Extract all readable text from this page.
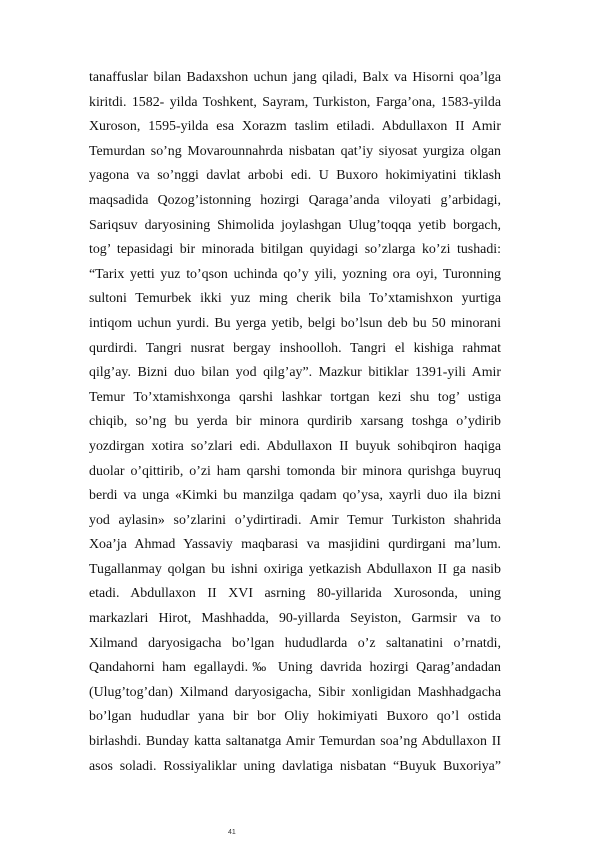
tanaffuslar bilan Badaxshon uchun jang qiladi, Balx va Hisorni qoa’lga
kiritdi. 1582- yilda Toshkent, Sayram, Turkiston, Farga’ona, 1583-yilda
Xuroson, 1595-yilda esa Xorazm taslim etiladi. Abdullaxon II Amir
Temurdan so’ng Movarounnahrda nisbatan qat’iy siyosat yurgiza olgan
yagona va so’nggi davlat arbobi edi. U Buxoro hokimiyatini tiklash
maqsadida Qozog’istonning hozirgi Qaraga’anda viloyati g’arbidagi,
Sariqsuv daryosining Shimolida joylashgan Ulug’toqqa yetib borgach,
tog’ tepasidagi bir minorada bitilgan quyidagi so’zlarga ko’zi tushadi:
“Tarix yetti yuz to’qson uchinda qo’y yili, yozning ora oyi, Turonning
sultoni Temurbek ikki yuz ming cherik bila To’xtamishxon yurtiga
intiqom uchun yurdi. Bu yerga yetib, belgi bo’lsun deb bu 50 minorani
qurdirdi. Tangri nusrat bergay inshoolloh. Tangri el kishiga rahmat
qilg’ay. Bizni duo bilan yod qilg’ay”. Mazkur bitiklar 1391-yili Amir
Temur To’xtamishxonga qarshi lashkar tortgan kezi shu tog’ ustiga
chiqib, so’ng bu yerda bir minora qurdirib xarsang toshga o’ydirib
yozdirgan xotira so’zlari edi. Abdullaxon II buyuk sohibqiron haqiga
duolar o’qittirib, o’zi ham qarshi tomonda bir minora qurishga buyruq
berdi va unga «Kimki bu manzilga qadam qo’ysa, xayrli duo ila bizni
yod aylasin» so’zlarini o’ydirtiradi. Amir Temur Turkiston shahrida
Xoa’ja Ahmad Yassaviy maqbarasi va masjidini qurdirgani ma’lum.
Tugallanmay qolgan bu ishni oxiriga yetkazish Abdullaxon II ga nasib
etadi. Abdullaxon II XVI asrning 80-yillarida Xurosonda, uning
markazlari Hirot, Mashhadda, 90-yillarda Seyiston, Garmsir va to
Xilmand daryosigacha bo’lgan hududlarda o’z saltanatini o’rnatdi,
Qandahorni ham egallaydi.‰ Uning davrida hozirgi Qarag’andadan
(Ulug’tog’dan) Xilmand daryosigacha, Sibir xonligidan Mashhadgacha
bo’lgan hududlar yana bir bor Oliy hokimiyati Buxoro qo’l ostida
birlashdi. Bunday katta saltanatga Amir Temurdan soa’ng Abdullaxon II
asos soladi. Rossiyaliklar uning davlatiga nisbatan “Buyuk Buxoriya”
41
